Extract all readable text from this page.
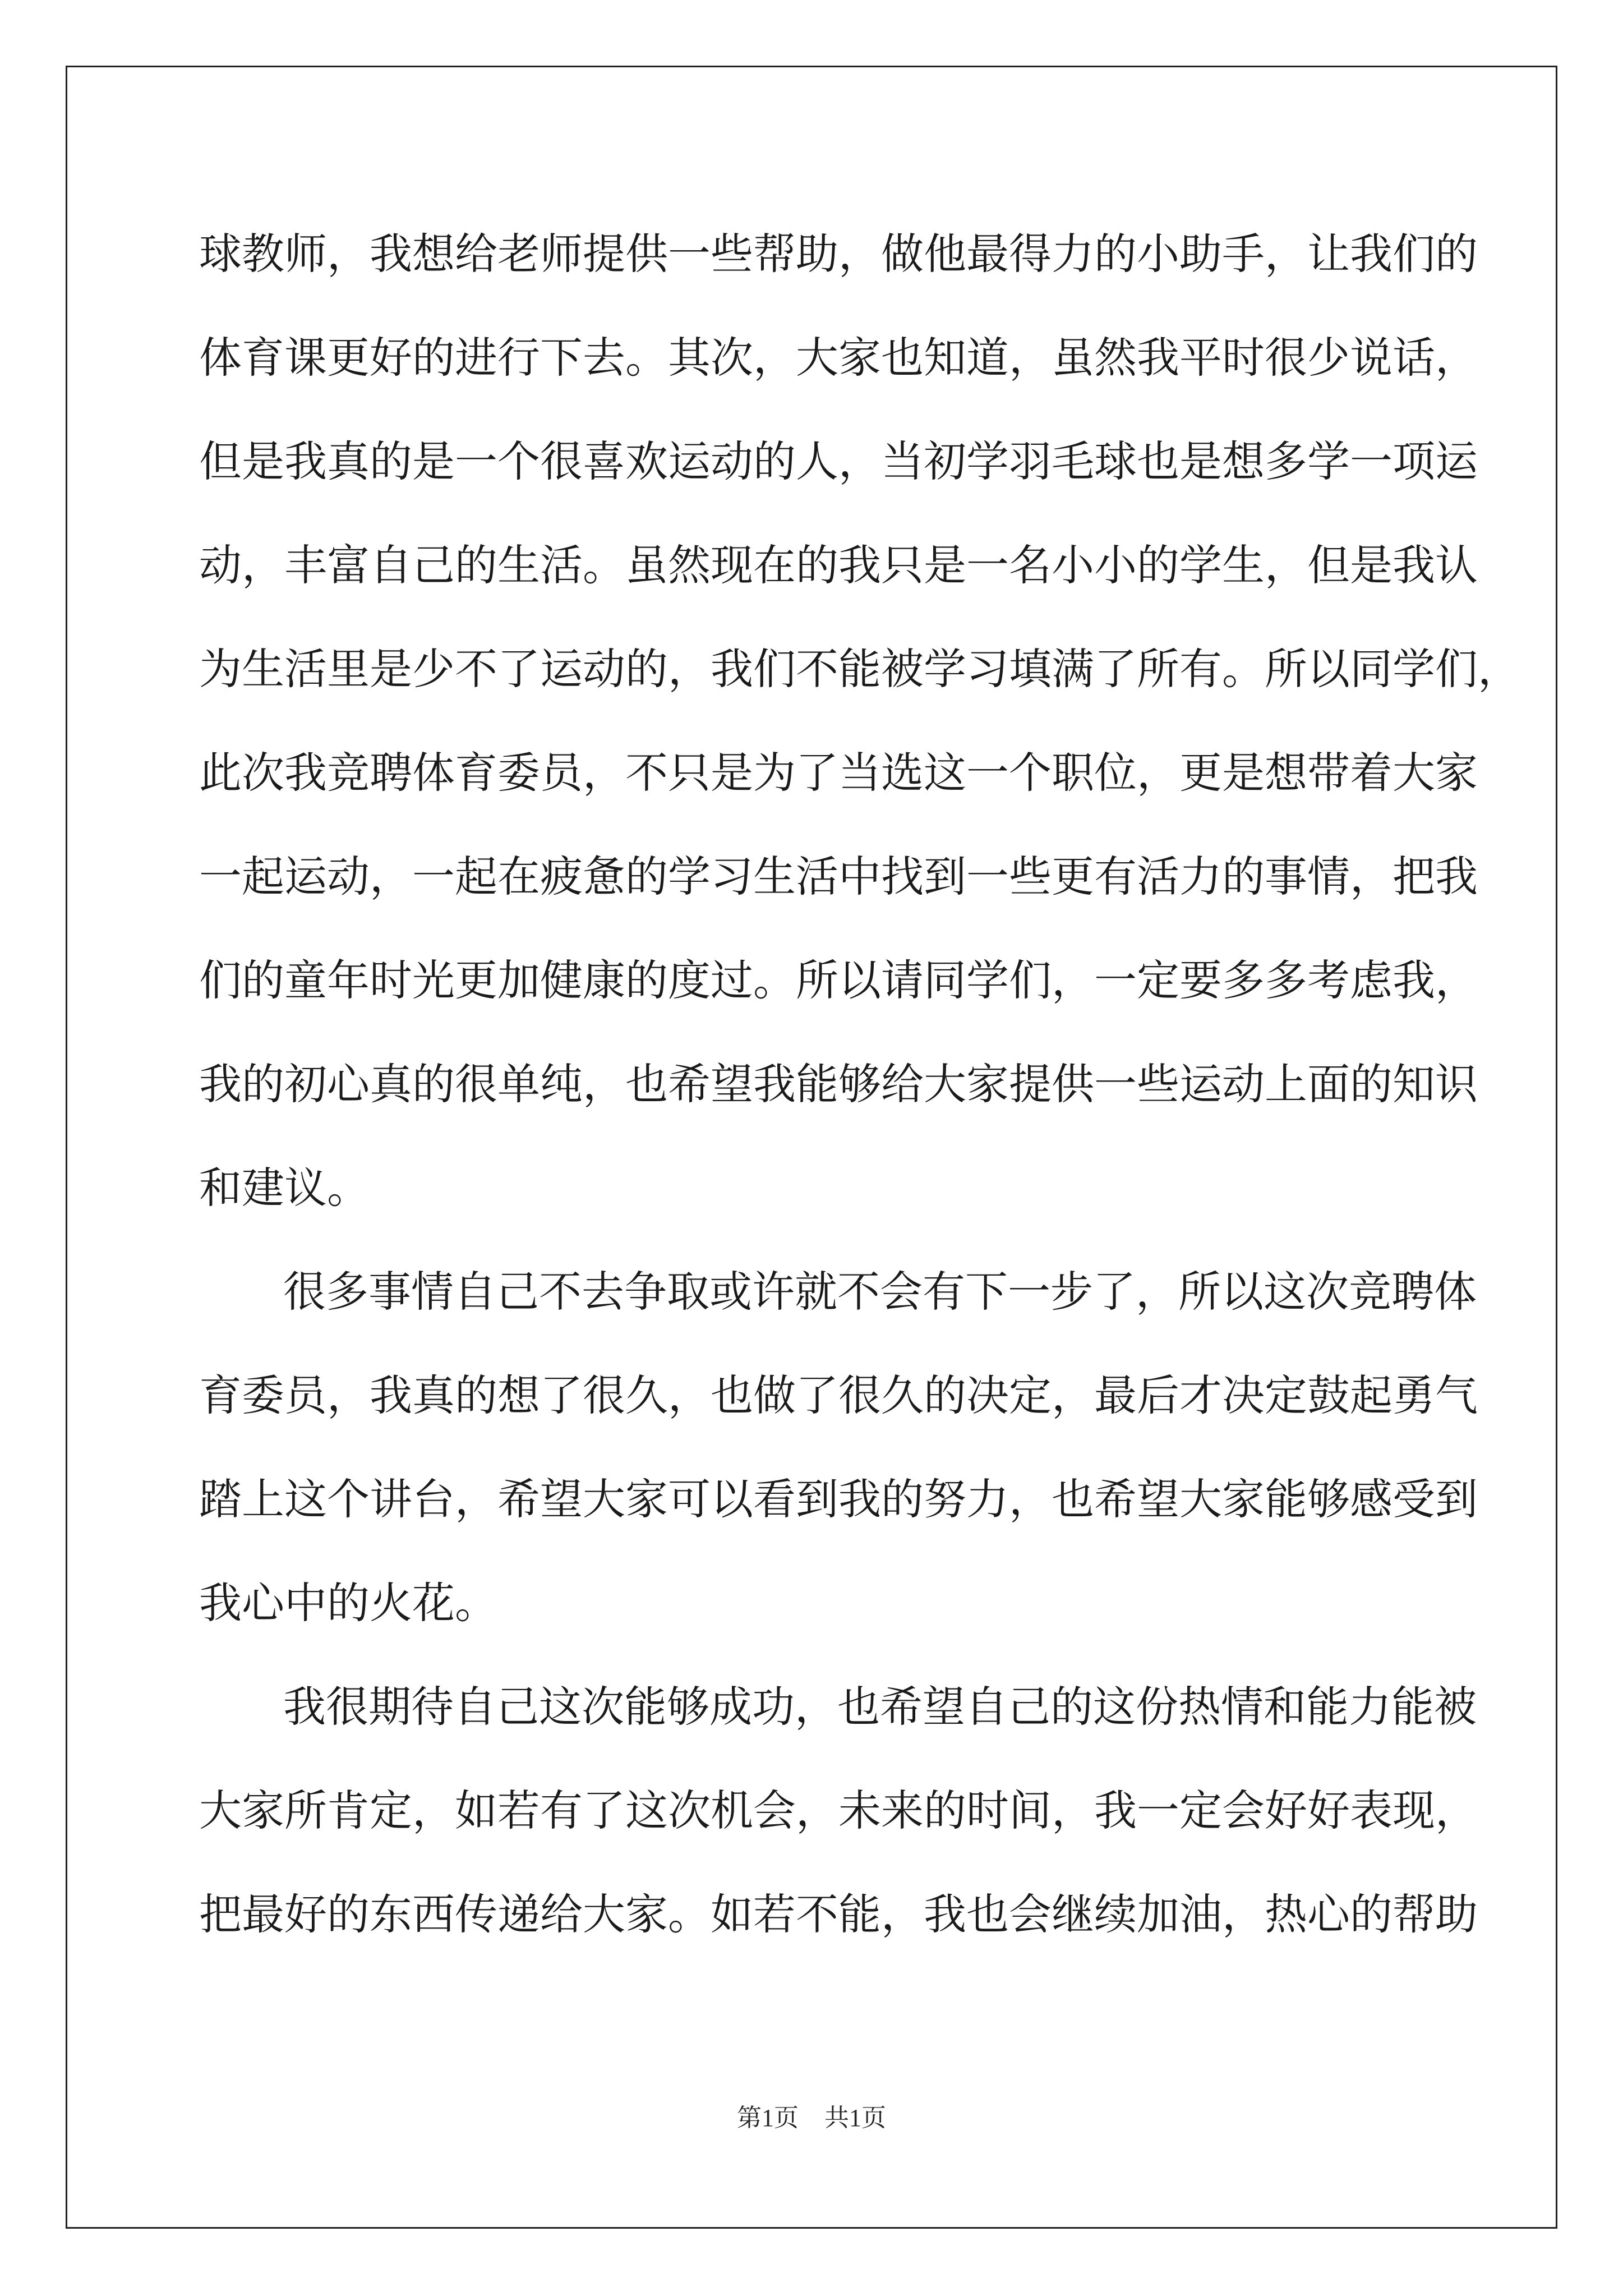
球教师，我想给老师提供一些帮助，做他最得力的小助手，让我们的
体育课更好的进行下去。其次，大家也知道，虽然我平时很少说话，
但是我真的是一个很喜欢运动的人，当初学羽毛球也是想多学一项运
动，丰富自己的生活。虽然现在的我只是一名小小的学生，但是我认
为生活里是少不了运动的，我们不能被学习填满了所有。所以同学们，
此次我竞聘体育委员，不只是为了当选这一个职位，更是想带着大家
一起运动，一起在疲惫的学习生活中找到一些更有活力的事情，把我
们的童年时光更加健康的度过。所以请同学们，一定要多多考虑我，
我的初心真的很单纯，也希望我能够给大家提供一些运动上面的知识
和建议。
很多事情自己不去争取或许就不会有下一步了，所以这次竞聘体
育委员，我真的想了很久，也做了很久的决定，最后才决定鼓起勇气
踏上这个讲台，希望大家可以看到我的努力，也希望大家能够感受到
我心中的火花。
我很期待自己这次能够成功，也希望自己的这份热情和能力能被
大家所肯定，如若有了这次机会，未来的时间，我一定会好好表现，
把最好的东西传递给大家。如若不能，我也会继续加油，热心的帮助
第1页 共1页
